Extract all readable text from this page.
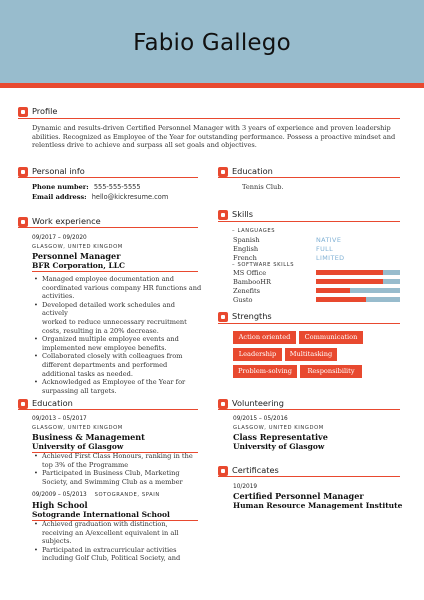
Fabio Gallego
Profile
Dynamic and results-driven Certified Personnel Manager with 3 years of experience and proven leadership
abilities. Recognized as Employee of the Year for outstanding performance. Possess a proactive mindset and
relentless drive to achieve and surpass all set goals and objectives.
Personal info
Phone number: 555-555-5555
Email address: hello@kickresume.com
Education
Tennis Club.
Work experience
09/2017 – 09/2020
GLASGOW, UNITED KINGDOM
Personnel Manager
BFR Corporation, LLC
• Managed employee documentation and
coordinated various company HR functions and
activities.
• Developed detailed work schedules and actively
worked to reduce unnecessary recruitment
costs, resulting in a 20% decrease.
• Organized multiple employee events and
implemented new employee benefits.
• Collaborated closely with colleagues from
different departments and performed
additional tasks as needed.
• Acknowledged as Employee of the Year for
surpassing all targets.
Skills
– LANGUAGES
Spanish	NATIVE
English	FULL
French	LIMITED
– SOFTWARE SKILLS
MS Office
BambooHR
Zenefits
Gusto
Strengths
Action oriented	Communication
Leadership	Multitasking
Problem-solving	Responsibility
Education
09/2013 – 05/2017
GLASGOW, UNITED KINGDOM
Business & Management
University of Glasgow
• Achieved First Class Honours, ranking in the
top 3% of the Programme
• Participated in Business Club, Marketing
Society, and Swimming Club as a member
09/2009 – 05/2013 SOTOGRANDE, SPAIN
High School
Sotogrande International School
• Achieved graduation with distinction,
receiving an A/excellent equivalent in all
subjects.
• Participated in extracurricular activities
including Golf Club, Political Society, and
Volunteering
09/2015 – 05/2016
GLASGOW, UNITED KINGDOM
Class Representative
University of Glasgow
Certificates
10/2019
Certified Personnel Manager
Human Resource Management Institute
